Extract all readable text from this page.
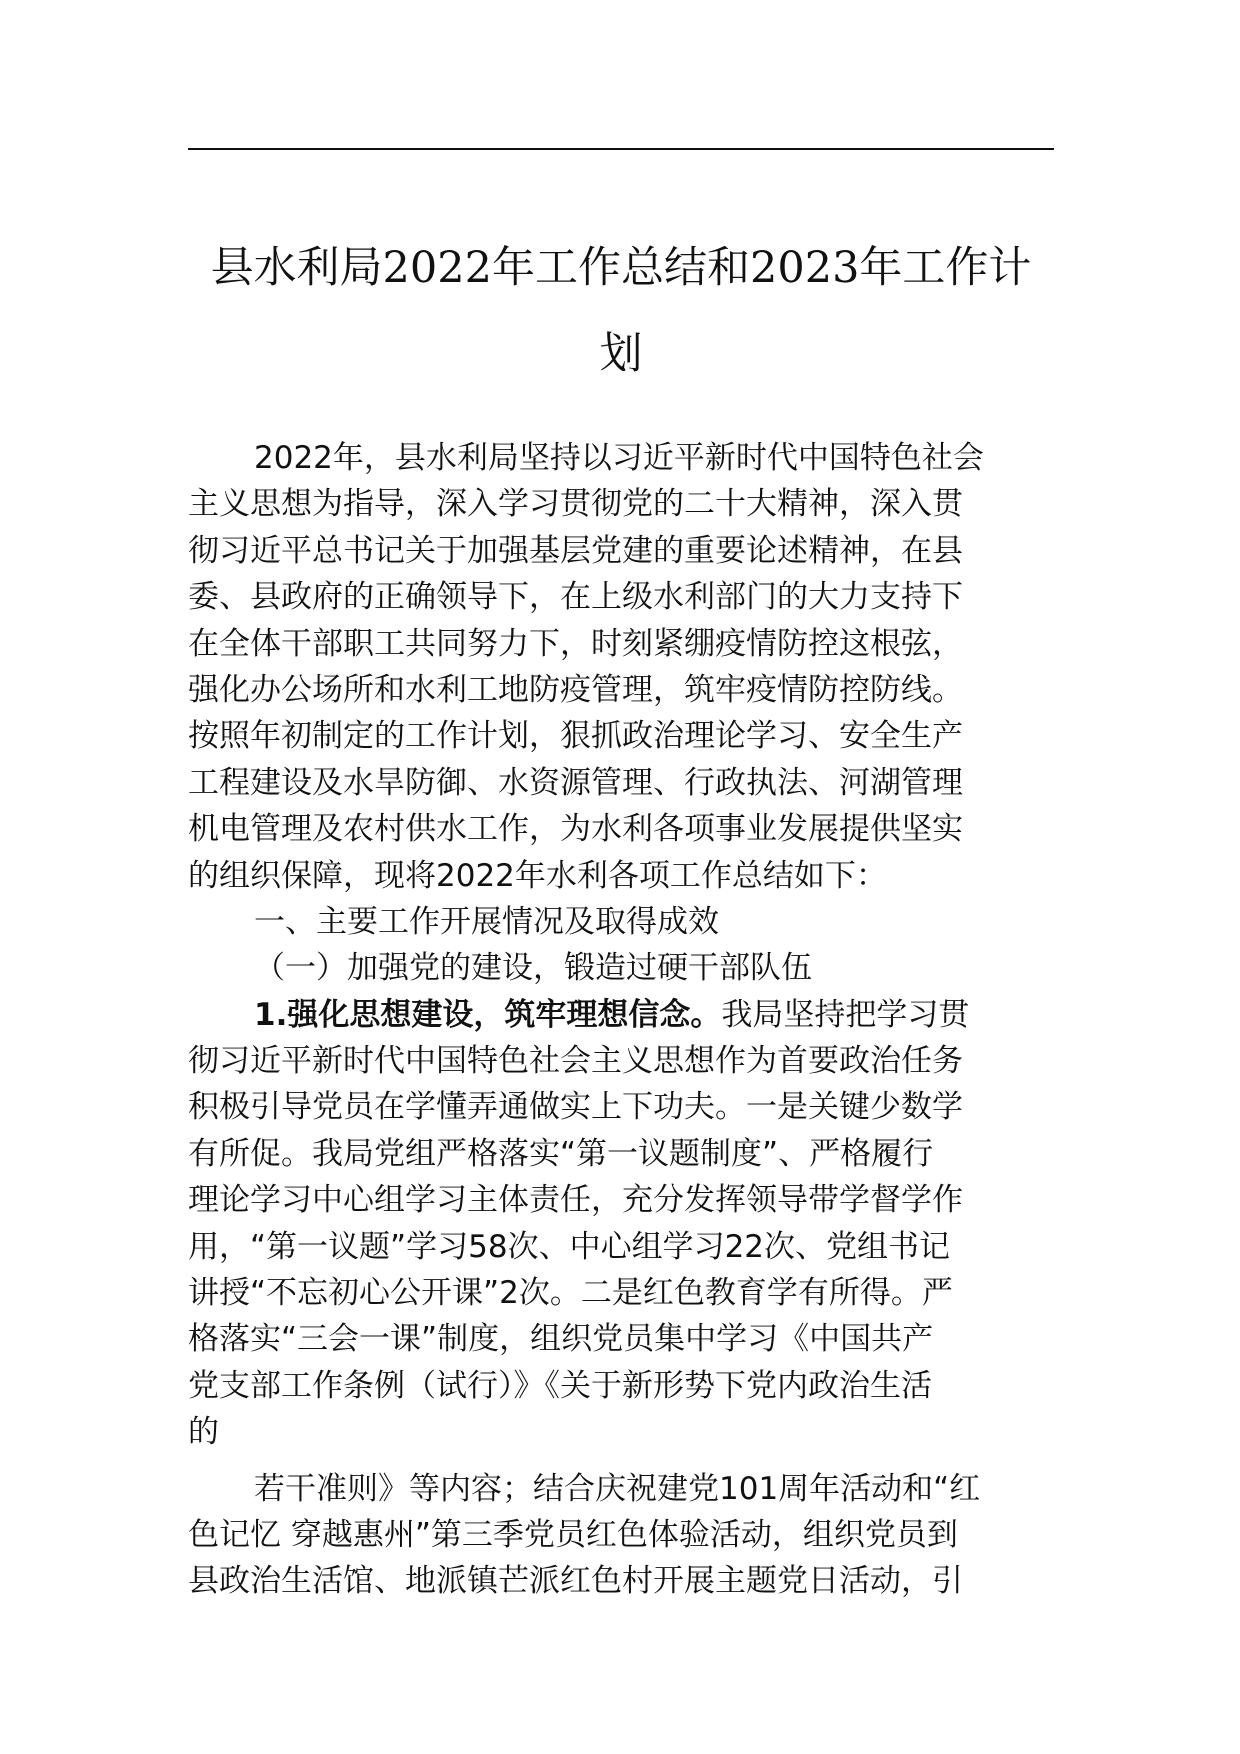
县水利局2022年工作总结和2023年工作计
划
2022年，县水利局坚持以习近平新时代中国特色社会
主义思想为指导，深入学习贯彻党的二十大精神，深入贯
彻习近平总书记关于加强基层党建的重要论述精神，在县
委、县政府的正确领导下，在上级水利部门的大力支持下
在全体干部职工共同努力下，时刻紧绷疫情防控这根弦，
强化办公场所和水利工地防疫管理，筑牢疫情防控防线。
按照年初制定的工作计划，狠抓政治理论学习、安全生产
工程建设及水旱防御、水资源管理、行政执法、河湖管理
机电管理及农村供水工作，为水利各项事业发展提供坚实
的组织保障，现将2022年水利各项工作总结如下：
一、主要工作开展情况及取得成效
（一）加强党的建设，锻造过硬干部队伍
1.强化思想建设，筑牢理想信念。我局坚持把学习贯
彻习近平新时代中国特色社会主义思想作为首要政治任务
积极引导党员在学懂弄通做实上下功夫。一是关键少数学
有所促。我局党组严格落实“第一议题制度”、严格履行
理论学习中心组学习主体责任，充分发挥领导带学督学作
用，“第一议题”学习58次、中心组学习22次、党组书记
讲授“不忘初心公开课”2次。二是红色教育学有所得。严
格落实“三会一课”制度，组织党员集中学习《中国共产
党支部工作条例（试行）》《关于新形势下党内政治生活
的
若干准则》等内容；结合庆祝建党101周年活动和“红
色记忆 穿越惠州”第三季党员红色体验活动，组织党员到
县政治生活馆、地派镇芒派红色村开展主题党日活动，引
